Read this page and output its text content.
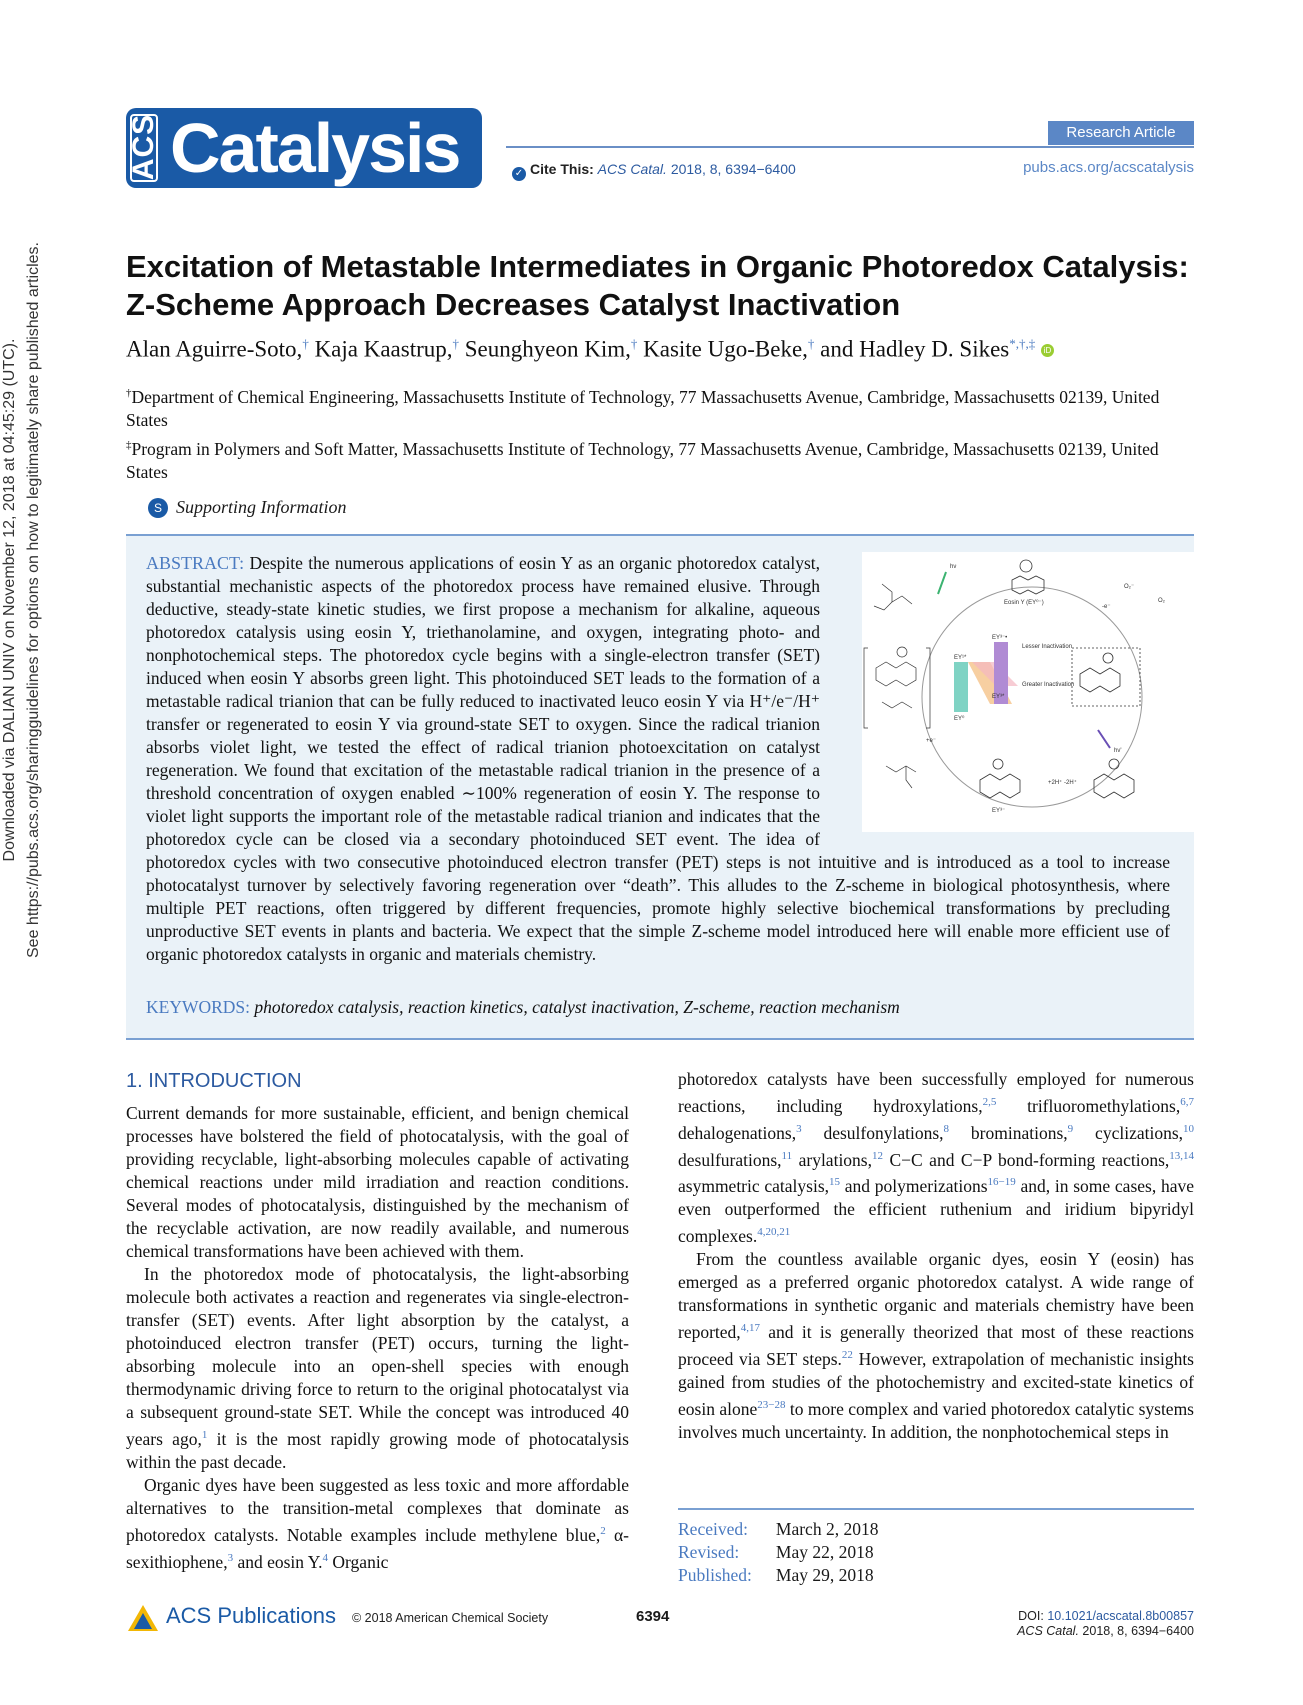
Downloaded via DALIAN UNIV on November 12, 2018 at 04:45:29 (UTC). See https://pubs.acs.org/sharingguidelines for options on how to legitimately share published articles.
ACS Catalysis	Research Article
✓ Cite This: ACS Catal. 2018, 8, 6394−6400	pubs.acs.org/acscatalysis
Excitation of Metastable Intermediates in Organic Photoredox Catalysis: Z-Scheme Approach Decreases Catalyst Inactivation
Alan Aguirre-Soto,† Kaja Kaastrup,† Seunghyeon Kim,† Kasite Ugo-Beke,† and Hadley D. Sikes*,†,‡ iD
†Department of Chemical Engineering, Massachusetts Institute of Technology, 77 Massachusetts Avenue, Cambridge, Massachusetts 02139, United States
‡Program in Polymers and Soft Matter, Massachusetts Institute of Technology, 77 Massachusetts Avenue, Cambridge, Massachusetts 02139, United States
S Supporting Information
ABSTRACT: Despite the numerous applications of eosin Y as an organic photoredox catalyst, substantial mechanistic aspects of the photoredox process have remained elusive. Through deductive, steady-state kinetic studies, we first propose a mechanism for alkaline, aqueous photoredox catalysis using eosin Y, triethanolamine, and oxygen, integrating photo- and nonphotochemical steps. The photoredox cycle begins with a single-electron transfer (SET) induced when eosin Y absorbs green light. This photoinduced SET leads to the formation of a metastable radical trianion that can be fully reduced to inactivated leuco eosin Y via H⁺/e⁻/H⁺ transfer or regenerated to eosin Y via ground-state SET to oxygen. Since the radical trianion absorbs violet light, we tested the effect of radical trianion photoexcitation on catalyst regeneration. We found that excitation of the metastable radical trianion in the presence of a threshold concentration of oxygen enabled ∼100% regeneration of eosin Y. The response to violet light supports the important role of the metastable radical trianion and indicates that the photoredox cycle can be closed via a secondary photoinduced SET event. The idea of photoredox cycles with two consecutive photoinduced electron transfer (PET) steps is not intuitive and is introduced as a tool to increase photocatalyst turnover by selectively favoring regeneration over “death”. This alludes to the Z-scheme in biological photosynthesis, where multiple PET reactions, often triggered by different frequencies, promote highly selective biochemical transformations by precluding unproductive SET events in plants and bacteria. We expect that the simple Z-scheme model introduced here will enable more efficient use of organic photoredox catalysts in organic and materials chemistry.
KEYWORDS: photoredox catalysis, reaction kinetics, catalyst inactivation, Z-scheme, reaction mechanism
Eosin Y (EY⁰⁻)
hν
O₂⁻
O₂
-e⁻
EY³⁻•
EY¹*
EY⁰
EY³*
Lesser Inactivation
Greater Inactivation
hν'
+e⁻
EY³⁻
+2H⁺ -2H⁺
1. INTRODUCTION

Current demands for more sustainable, efficient, and benign chemical processes have bolstered the field of photocatalysis, with the goal of providing recyclable, light-absorbing molecules capable of activating chemical reactions under mild irradiation and reaction conditions. Several modes of photocatalysis, distinguished by the mechanism of the recyclable activation, are now readily available, and numerous chemical transformations have been achieved with them.

In the photoredox mode of photocatalysis, the light-absorbing molecule both activates a reaction and regenerates via single-electron-transfer (SET) events. After light absorption by the catalyst, a photoinduced electron transfer (PET) occurs, turning the light-absorbing molecule into an open-shell species with enough thermodynamic driving force to return to the original photocatalyst via a subsequent ground-state SET. While the concept was introduced 40 years ago,$^1$ it is the most rapidly growing mode of photocatalysis within the past decade.

Organic dyes have been suggested as less toxic and more affordable alternatives to the transition-metal complexes that dominate as photoredox catalysts. Notable examples include methylene blue,$^2$ α-sexithiophene,$^3$ and eosin Y.$^4$ Organic

photoredox catalysts have been successfully employed for numerous reactions, including hydroxylations,$^{2,5}$ trifluoromethylations,$^{6,7}$ dehalogenations,$^3$ desulfonylations,$^8$ brominations,$^9$ cyclizations,$^{10}$ desulfurations,$^{11}$ arylations,$^{12}$ C−C and C−P bond-forming reactions,$^{13,14}$ asymmetric catalysis,$^{15}$ and polymerizations$^{16-19}$ and, in some cases, have even outperformed the efficient ruthenium and iridium bipyridyl complexes.$^{4,20,21}$

From the countless available organic dyes, eosin Y (eosin) has emerged as a preferred organic photoredox catalyst. A wide range of transformations in synthetic organic and materials chemistry have been reported,$^{4,17}$ and it is generally theorized that most of these reactions proceed via SET steps.$^{22}$ However, extrapolation of mechanistic insights gained from studies of the photochemistry and excited-state kinetics of eosin alone$^{23-28}$ to more complex and varied photoredox catalytic systems involves much uncertainty. In addition, the nonphotochemical steps in

Received:	March 2, 2018
Revised:	May 22, 2018
Published:	May 29, 2018
ACS Publications © 2018 American Chemical Society	6394	DOI: 10.1021/acscatal.8b00857
ACS Catal. 2018, 8, 6394−6400
